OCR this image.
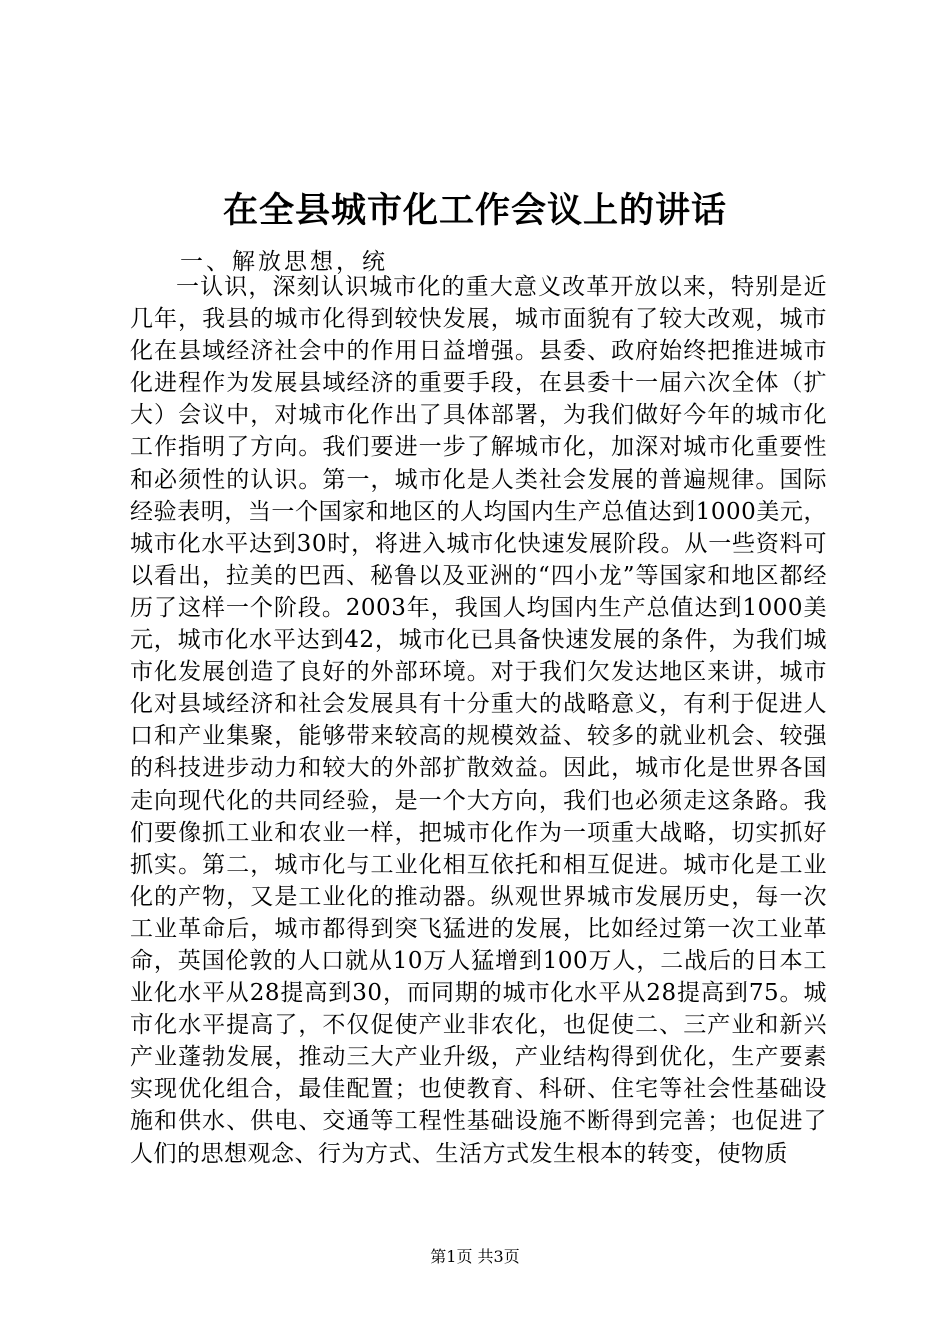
在全县城市化工作会议上的讲话
一、解放思想，统
一认识，深刻认识城市化的重大意义改革开放以来，特别是近几年，我县的城市化得到较快发展，城市面貌有了较大改观，城市化在县域经济社会中的作用日益增强。县委、政府始终把推进城市化进程作为发展县域经济的重要手段，在县委十一届六次全体（扩大）会议中，对城市化作出了具体部署，为我们做好今年的城市化工作指明了方向。我们要进一步了解城市化，加深对城市化重要性和必须性的认识。第一，城市化是人类社会发展的普遍规律。国际经验表明，当一个国家和地区的人均国内生产总值达到1000美元，城市化水平达到30时，将进入城市化快速发展阶段。从一些资料可以看出，拉美的巴西、秘鲁以及亚洲的“四小龙”等国家和地区都经历了这样一个阶段。2003年，我国人均国内生产总值达到1000美元，城市化水平达到42，城市化已具备快速发展的条件，为我们城市化发展创造了良好的外部环境。对于我们欠发达地区来讲，城市化对县域经济和社会发展具有十分重大的战略意义，有利于促进人口和产业集聚，能够带来较高的规模效益、较多的就业机会、较强的科技进步动力和较大的外部扩散效益。因此，城市化是世界各国走向现代化的共同经验，是一个大方向，我们也必须走这条路。我们要像抓工业和农业一样，把城市化作为一项重大战略，切实抓好抓实。第二，城市化与工业化相互依托和相互促进。城市化是工业化的产物，又是工业化的推动器。纵观世界城市发展历史，每一次工业革命后，城市都得到突飞猛进的发展，比如经过第一次工业革命，英国伦敦的人口就从10万人猛增到100万人，二战后的日本工业化水平从28提高到30，而同期的城市化水平从28提高到75。城市化水平提高了，不仅促使产业非农化，也促使二、三产业和新兴产业蓬勃发展，推动三大产业升级，产业结构得到优化，生产要素实现优化组合，最佳配置；也使教育、科研、住宅等社会性基础设施和供水、供电、交通等工程性基础设施不断得到完善；也促进了人们的思想观念、行为方式、生活方式发生根本的转变，使物质
第1页 共3页
